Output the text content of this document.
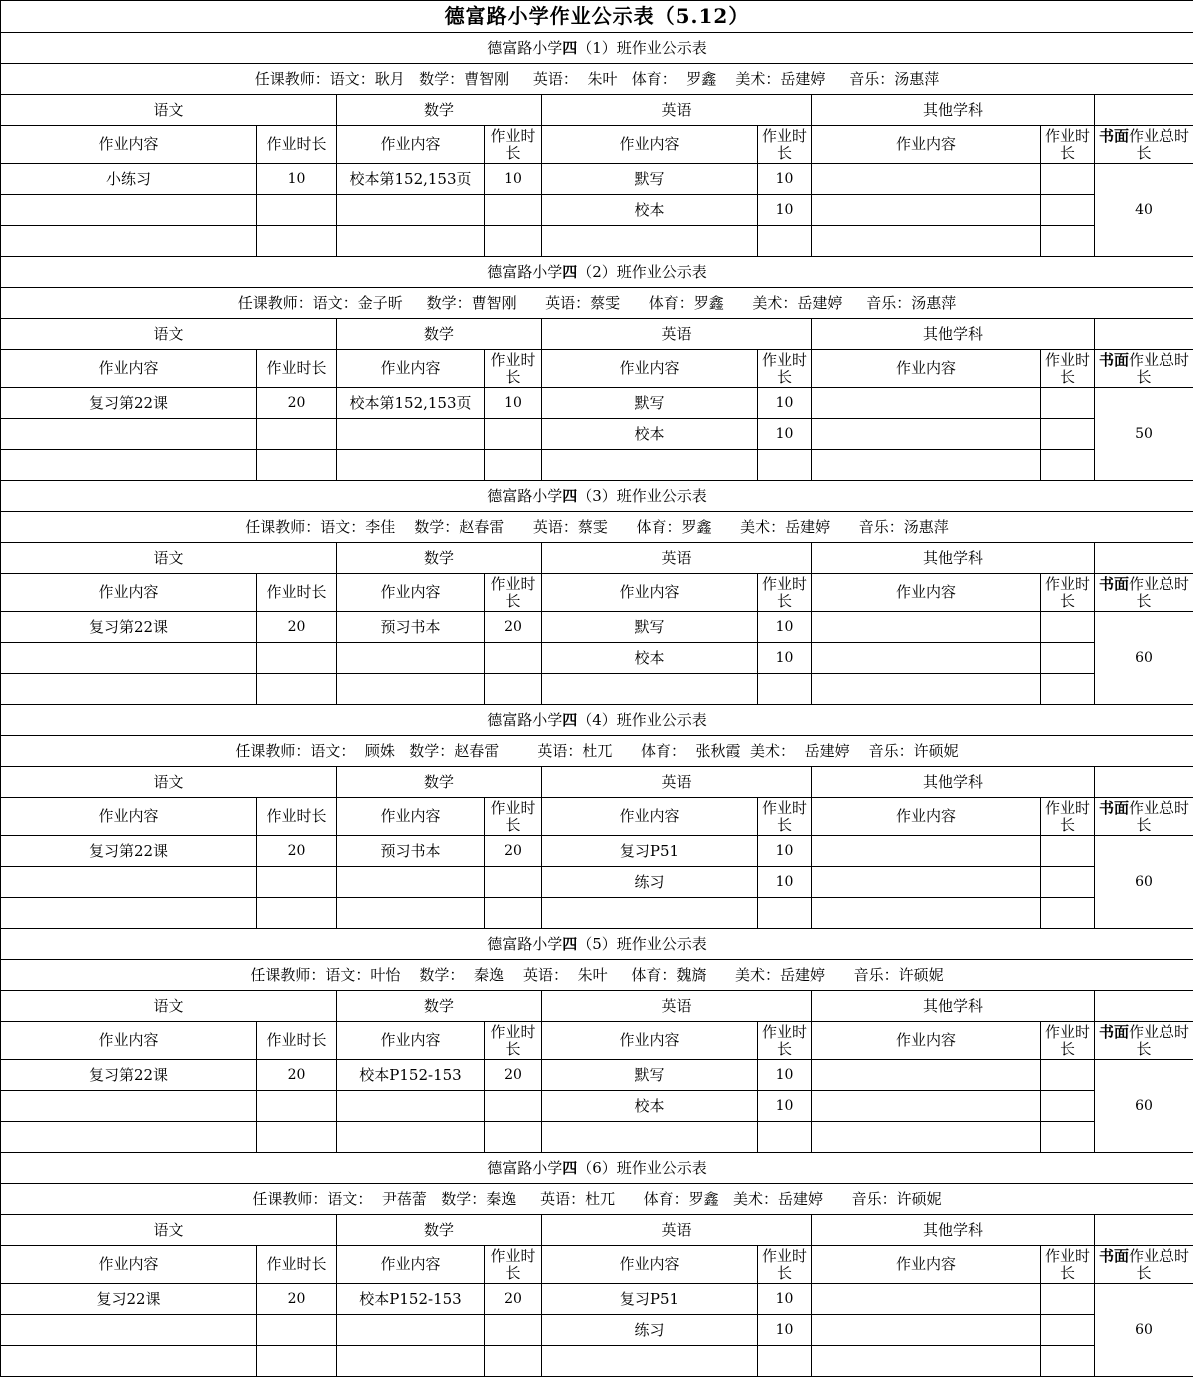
德富路小学作业公示表（5.12）								
德富路小学四（1）班作业公示表								
任课教师：语文：耿月   数学：曹智刚     英语：  朱叶   体育：  罗鑫    美术：岳建婷     音乐：汤惠萍								
语文		数学		英语		其他学科		
作业内容	作业时长	作业内容	作业时长	作业内容	作业时长	作业内容	作业时长	书面作业总时长
小练习	10	校本第152,153页	10	默写	10			40
				校本	10			

德富路小学四（2）班作业公示表								
任课教师：语文：金子昕     数学：曹智刚      英语：蔡雯      体育：罗鑫      美术：岳建婷     音乐：汤惠萍								
语文		数学		英语		其他学科		
作业内容	作业时长	作业内容	作业时长	作业内容	作业时长	作业内容	作业时长	书面作业总时长
复习第22课	20	校本第152,153页	10	默写	10			50
				校本	10			

德富路小学四（3）班作业公示表								
任课教师：语文：李佳    数学：赵春雷      英语：蔡雯      体育：罗鑫      美术：岳建婷      音乐：汤惠萍								
语文		数学		英语		其他学科		
作业内容	作业时长	作业内容	作业时长	作业内容	作业时长	作业内容	作业时长	书面作业总时长
复习第22课	20	预习书本	20	默写	10			60
				校本	10			

德富路小学四（4）班作业公示表								
任课教师：语文：  顾姝   数学：赵春雷        英语：杜兀      体育：  张秋霞  美术：  岳建婷    音乐：许硕妮								
语文		数学		英语		其他学科		
作业内容	作业时长	作业内容	作业时长	作业内容	作业时长	作业内容	作业时长	书面作业总时长
复习第22课	20	预习书本	20	复习P51	10			60
				练习	10			

德富路小学四（5）班作业公示表								
任课教师：语文：叶怡    数学：  秦逸    英语：  朱叶     体育：魏旖      美术：岳建婷      音乐：许硕妮								
语文		数学		英语		其他学科		
作业内容	作业时长	作业内容	作业时长	作业内容	作业时长	作业内容	作业时长	书面作业总时长
复习第22课	20	校本P152-153	20	默写	10			60
				校本	10			

德富路小学四（6）班作业公示表								
任课教师：语文：  尹蓓蕾   数学：秦逸     英语：杜兀      体育：罗鑫   美术：岳建婷      音乐：许硕妮								
语文		数学		英语		其他学科		
作业内容	作业时长	作业内容	作业时长	作业内容	作业时长	作业内容	作业时长	书面作业总时长
复习22课	20	校本P152-153	20	复习P51	10			60
				练习	10			
